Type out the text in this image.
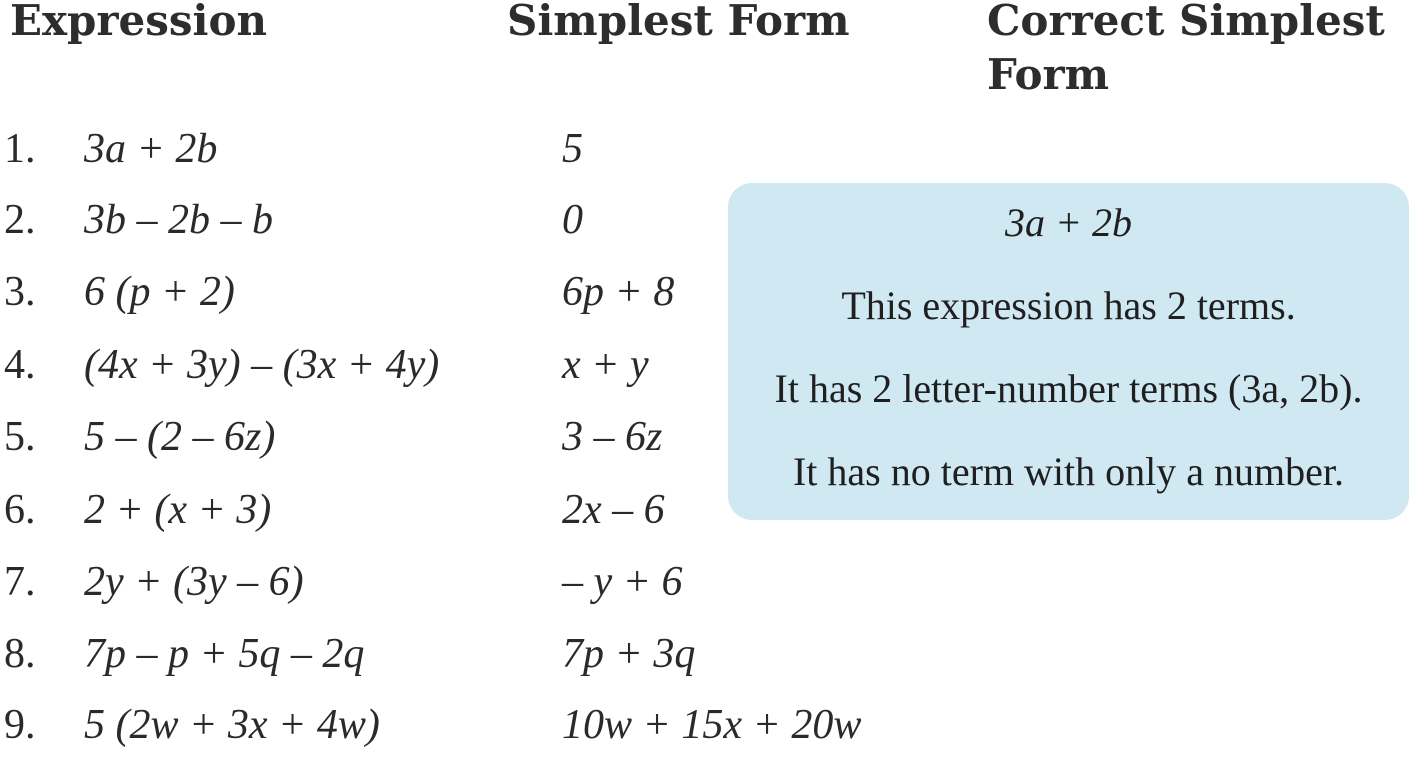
Expression	Simplest Form	Correct Simplest Form
1. 3a + 2b	5
2. 3b – 2b – b	0
3. 6 (p + 2)	6p + 8
4. (4x + 3y) – (3x + 4y)	x + y
5. 5 – (2 – 6z)	3 – 6z
6. 2 + (x + 3)	2x – 6
7. 2y + (3y – 6)	– y + 6
8. 7p – p + 5q – 2q	7p + 3q
9. 5 (2w + 3x + 4w)	10w + 15x + 20w
3a + 2b
This expression has 2 terms.
It has 2 letter-number terms (3a, 2b).
It has no term with only a number.
